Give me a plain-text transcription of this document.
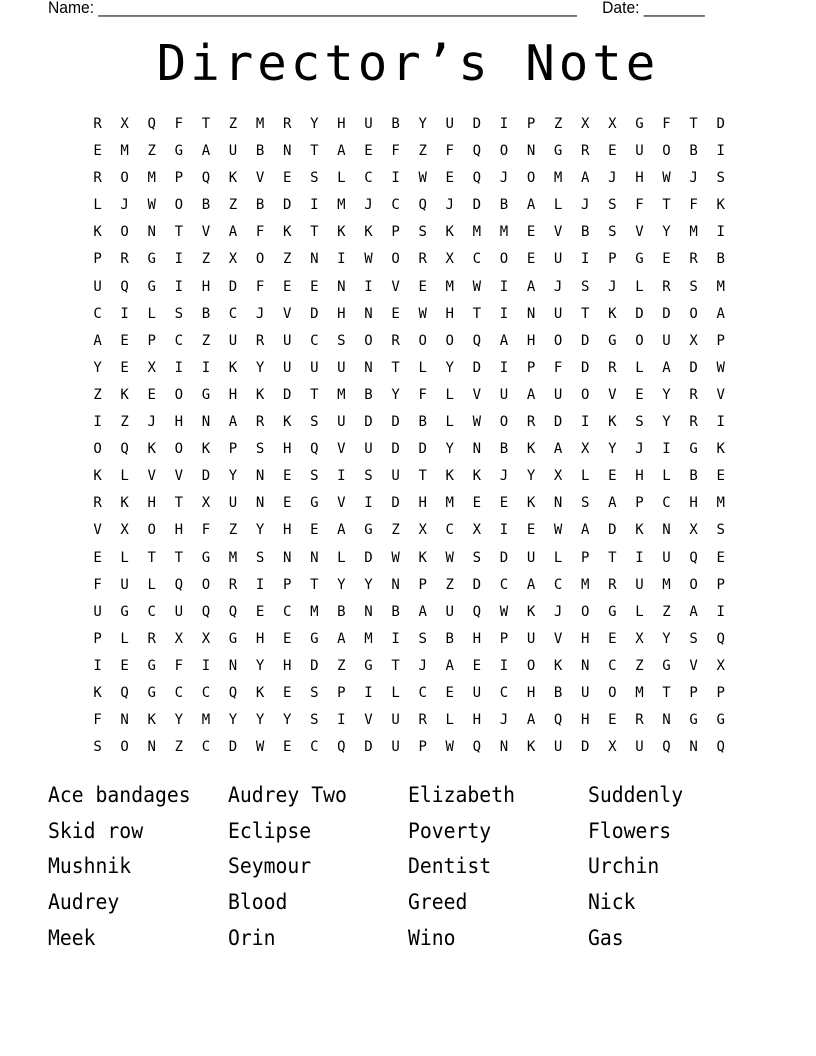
Name: _______________________________________________________ Date: _______
Director’s Note
R	X	Q	F	T	Z	M	R	Y	H	U	B	Y	U	D	I	P	Z	X	X	G	F	T	D
E	M	Z	G	A	U	B	N	T	A	E	F	Z	F	Q	O	N	G	R	E	U	O	B	I
R	O	M	P	Q	K	V	E	S	L	C	I	W	E	Q	J	O	M	A	J	H	W	J	S
L	J	W	O	B	Z	B	D	I	M	J	C	Q	J	D	B	A	L	J	S	F	T	F	K
K	O	N	T	V	A	F	K	T	K	K	P	S	K	M	M	E	V	B	S	V	Y	M	I
P	R	G	I	Z	X	O	Z	N	I	W	O	R	X	C	O	E	U	I	P	G	E	R	B
U	Q	G	I	H	D	F	E	E	N	I	V	E	M	W	I	A	J	S	J	L	R	S	M
C	I	L	S	B	C	J	V	D	H	N	E	W	H	T	I	N	U	T	K	D	D	O	A
A	E	P	C	Z	U	R	U	C	S	O	R	O	O	Q	A	H	O	D	G	O	U	X	P
Y	E	X	I	I	K	Y	U	U	U	N	T	L	Y	D	I	P	F	D	R	L	A	D	W
Z	K	E	O	G	H	K	D	T	M	B	Y	F	L	V	U	A	U	O	V	E	Y	R	V
I	Z	J	H	N	A	R	K	S	U	D	D	B	L	W	O	R	D	I	K	S	Y	R	I
O	Q	K	O	K	P	S	H	Q	V	U	D	D	Y	N	B	K	A	X	Y	J	I	G	K
K	L	V	V	D	Y	N	E	S	I	S	U	T	K	K	J	Y	X	L	E	H	L	B	E
R	K	H	T	X	U	N	E	G	V	I	D	H	M	E	E	K	N	S	A	P	C	H	M
V	X	O	H	F	Z	Y	H	E	A	G	Z	X	C	X	I	E	W	A	D	K	N	X	S
E	L	T	T	G	M	S	N	N	L	D	W	K	W	S	D	U	L	P	T	I	U	Q	E
F	U	L	Q	O	R	I	P	T	Y	Y	N	P	Z	D	C	A	C	M	R	U	M	O	P
U	G	C	U	Q	Q	E	C	M	B	N	B	A	U	Q	W	K	J	O	G	L	Z	A	I
P	L	R	X	X	G	H	E	G	A	M	I	S	B	H	P	U	V	H	E	X	Y	S	Q
I	E	G	F	I	N	Y	H	D	Z	G	T	J	A	E	I	O	K	N	C	Z	G	V	X
K	Q	G	C	C	Q	K	E	S	P	I	L	C	E	U	C	H	B	U	O	M	T	P	P
F	N	K	Y	M	Y	Y	Y	S	I	V	U	R	L	H	J	A	Q	H	E	R	N	G	G
S	O	N	Z	C	D	W	E	C	Q	D	U	P	W	Q	N	K	U	D	X	U	Q	N	Q
Ace bandages	Audrey Two	Elizabeth	Suddenly
Skid row	Eclipse	Poverty	Flowers
Mushnik	Seymour	Dentist	Urchin
Audrey	Blood	Greed	Nick
Meek	Orin	Wino	Gas
